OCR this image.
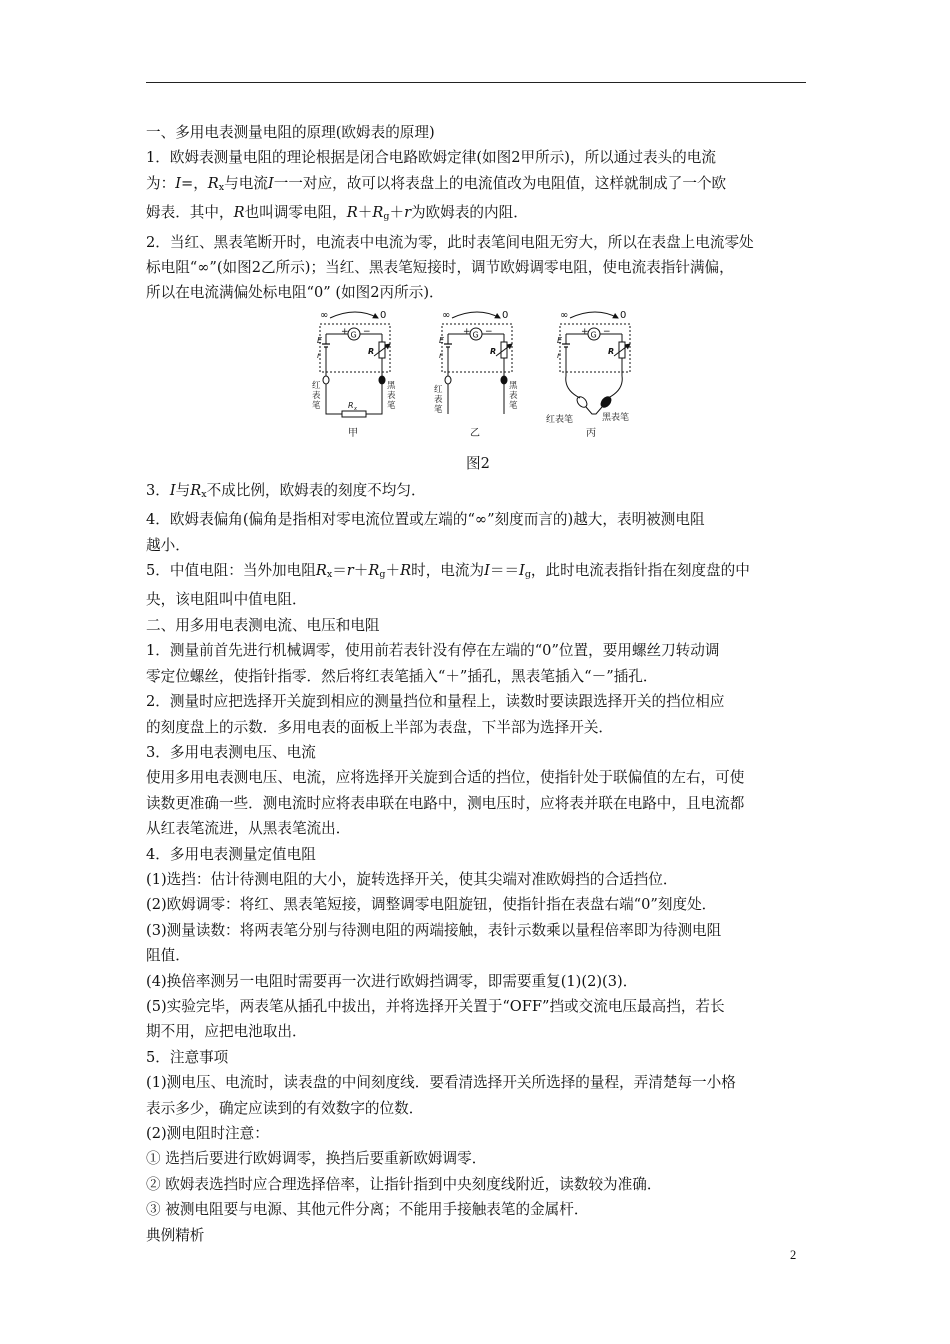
一、多用电表测量电阻的原理(欧姆表的原理)

1．欧姆表测量电阻的理论根据是闭合电路欧姆定律(如图2甲所示)，所以通过表头的电流

为：I=，$R_x$与电流I一一对应，故可以将表盘上的电流值改为电阻值，这样就制成了一个欧

姆表．其中，R也叫调零电阻，$R+R_g+r$为欧姆表的内阻．

2．当红、黑表笔断开时，电流表中电流为零，此时表笔间电阻无穷大，所以在表盘上电流零处

标电阻“∞”(如图2乙所示)；当红、黑表笔短接时，调节欧姆调零电阻，使电流表指针满偏，

所以在电流满偏处标电阻“0” (如图2丙所示)．

∞	0
G
+ −
E
r	R
R x
红
表
笔
黑
表
笔
甲
∞	0
G
+ −
E
r	R
红
表
笔
黑
表
笔
乙
∞	0
G
+ −
E
r	R
红表笔	黑表笔
丙
图2

3．I与$R_x$不成比例，欧姆表的刻度不均匀．

4．欧姆表偏角(偏角是指相对零电流位置或左端的“∞”刻度而言的)越大，表明被测电阻

越小．

5．中值电阻：当外加电阻$R_x=r+R_g+R$时，电流为$I==I_g$，此时电流表指针指在刻度盘的中

央，该电阻叫中值电阻．

二、用多用电表测电流、电压和电阻

1．测量前首先进行机械调零，使用前若表针没有停在左端的“0”位置，要用螺丝刀转动调

零定位螺丝，使指针指零．然后将红表笔插入“＋”插孔，黑表笔插入“－”插孔．

2．测量时应把选择开关旋到相应的测量挡位和量程上，读数时要读跟选择开关的挡位相应

的刻度盘上的示数．多用电表的面板上半部为表盘，下半部为选择开关．

3．多用电表测电压、电流

使用多用电表测电压、电流，应将选择开关旋到合适的挡位，使指针处于联偏值的左右，可使

读数更准确一些．测电流时应将表串联在电路中，测电压时，应将表并联在电路中，且电流都

从红表笔流进，从黑表笔流出．

4．多用电表测量定值电阻

(1)选挡：估计待测电阻的大小，旋转选择开关，使其尖端对准欧姆挡的合适挡位．

(2)欧姆调零：将红、黑表笔短接，调整调零电阻旋钮，使指针指在表盘右端“0”刻度处．

(3)测量读数：将两表笔分别与待测电阻的两端接触，表针示数乘以量程倍率即为待测电阻

阻值．

(4)换倍率测另一电阻时需要再一次进行欧姆挡调零，即需要重复(1)(2)(3)．

(5)实验完毕，两表笔从插孔中拔出，并将选择开关置于“OFF”挡或交流电压最高挡，若长

期不用，应把电池取出．

5．注意事项

(1)测电压、电流时，读表盘的中间刻度线．要看清选择开关所选择的量程，弄清楚每一小格

表示多少，确定应读到的有效数字的位数．

(2)测电阻时注意：

① 选挡后要进行欧姆调零，换挡后要重新欧姆调零．

② 欧姆表选挡时应合理选择倍率，让指针指到中央刻度线附近，读数较为准确．

③ 被测电阻要与电源、其他元件分离；不能用手接触表笔的金属杆．

典例精析

2
